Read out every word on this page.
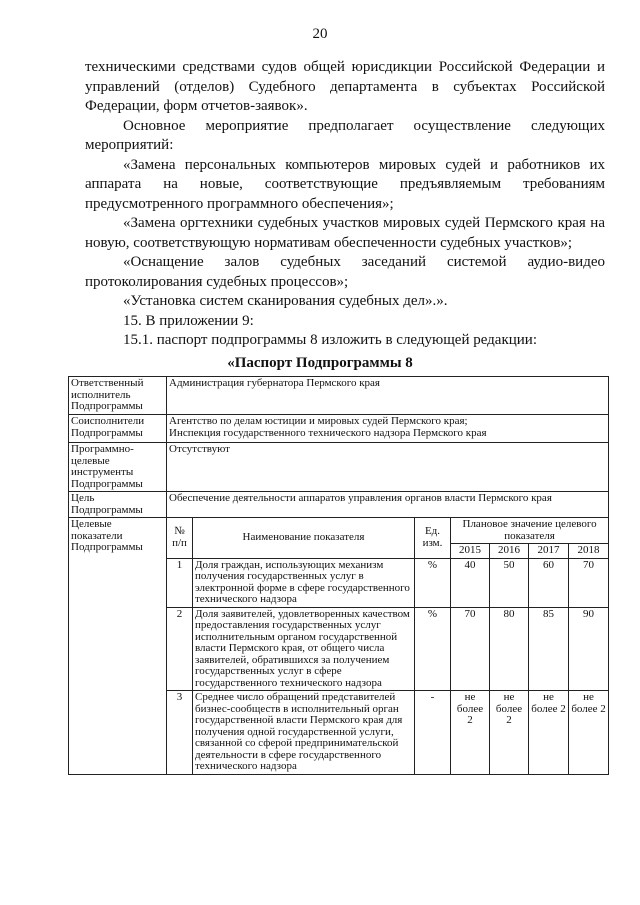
20

техническими средствами судов общей юрисдикции Российской Федерации и управлений (отделов) Судебного департамента в субъектах Российской Федерации, форм отчетов-заявок».

Основное мероприятие предполагает осуществление следующих мероприятий:

«Замена персональных компьютеров мировых судей и работников их аппарата на новые, соответствующие предъявляемым требованиям предусмотренного программного обеспечения»;

«Замена оргтехники судебных участков мировых судей Пермского края на новую, соответствующую нормативам обеспеченности судебных участков»;

«Оснащение залов судебных заседаний системой аудио-видео протоколирования судебных процессов»;

«Установка систем сканирования судебных дел».».

15. В приложении 9:

15.1. паспорт подпрограммы 8 изложить в следующей редакции:

«Паспорт Подпрограммы 8
Ответственный исполнитель Подпрограммы	Администрация губернатора Пермского края						
Соисполнители Подпрограммы	Агентство по делам юстиции и мировых судей Пермского края;
Инспекция государственного технического надзора Пермского края						

Программно-целевые инструменты Подпрограммы	Отсутствуют						
Цель Подпрограммы	Обеспечение деятельности аппаратов управления органов власти Пермского края						
Целевые показатели Подпрограммы	№ п/п	Наименование показателя	Ед. изм.	Плановое значение целевого показателя			
				2015	2016	2017	2018
	1	Доля граждан, использующих механизм получения государственных услуг в электронной форме в сфере государственного технического надзора	%	40	50	60	70
	2	Доля заявителей, удовлетворенных качеством предоставления государственных услуг исполнительным органом государственной власти Пермского края, от общего числа заявителей, обратившихся за получением государственных услуг в сфере государственного технического надзора	%	70	80	85	90
	3	Среднее число обращений представителей бизнес-сообществ в исполнительный орган государственной власти Пермского края для получения одной государственной услуги, связанной со сферой предпринимательской деятельности в сфере государственного технического надзора	-	не более 2	не более 2	не более 2	не более 2
